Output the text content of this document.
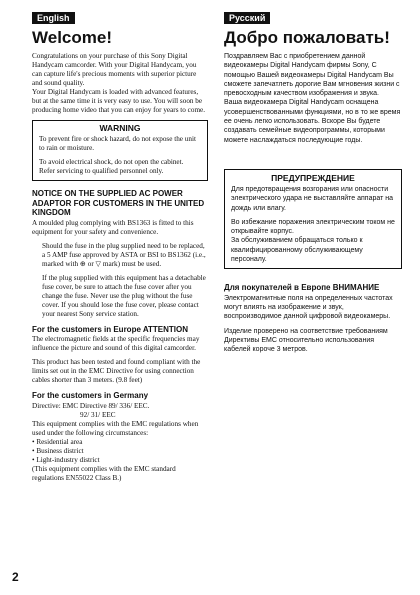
English
Welcome!

Congratulations on your purchase of this Sony Digital Handycam camcorder. With your Digital Handycam, you can capture life's precious moments with superior picture and sound quality.

Your Digital Handycam is loaded with advanced features, but at the same time it is very easy to use. You will soon be producing home video that you can enjoy for years to come.

WARNING

To prevent fire or shock hazard, do not expose the unit to rain or moisture.

To avoid electrical shock, do not open the cabinet.

Refer servicing to qualified personnel only.

NOTICE ON THE SUPPLIED AC POWER ADAPTOR FOR CUSTOMERS IN THE UNITED KINGDOM

A moulded plug complying with BS1363 is fitted to this equipment for your safety and convenience.

Should the fuse in the plug supplied need to be replaced, a 5 AMP fuse approved by ASTA or BSI to BS1362 (i.e., marked with ⊕ or ▽ mark) must be used.

If the plug supplied with this equipment has a detachable fuse cover, be sure to attach the fuse cover after you change the fuse. Never use the plug without the fuse cover. If you should lose the fuse cover, please contact your nearest Sony service station.

For the customers in Europe ATTENTION

The electromagnetic fields at the specific frequencies may influence the picture and sound of this digital camcorder.

This product has been tested and found compliant with the limits set out in the EMC Directive for using connection cables shorter than 3 meters. (9.8 feet)

For the customers in Germany

Directive: EMC Directive 89/ 336/ EEC.

92/ 31/ EEC

This equipment complies with the EMC regulations when used under the following circumstances:

• Residential area

• Business district

• Light-industry district

(This equipment complies with the EMC standard regulations EN55022 Class B.)

Русский
Добро пожаловать!

Поздравляем Вас с приобретением данной видеокамеры Digital Handycam фирмы Sony, С помощью Вашей видеокамеры Digital Handycam Вы сможете запечатлеть дорогие Вам мгновения жизни с превосходным качеством изображения и звука.

Ваша видеокамера Digital Handycam оснащена усовершенствованными функциями, но в то же время ее очень легко использовать. Вскоре Вы будете создавать семейные видеопрограммы, которыми можете наслаждаться последующие годы.

ПРЕДУПРЕЖДЕНИЕ

Для предотвращения возгорания или опасности электрического удара не выставляйте аппарат на дождь или влагу.

Во избежание поражения электрическим током не открывайте корпус.

За обслуживанием обращаться только к квалифицированному обслуживающему персоналу.

Для покупателей в Европе ВНИМАНИЕ

Электромагнитные поля на определенных частотах могут влиять на изображение и звук, воспроизводимое данной цифровой видеокамеры.

Изделие проверено на соответствие требованиям Директивы EMC относительно использования кабелей короче 3 метров.

2
